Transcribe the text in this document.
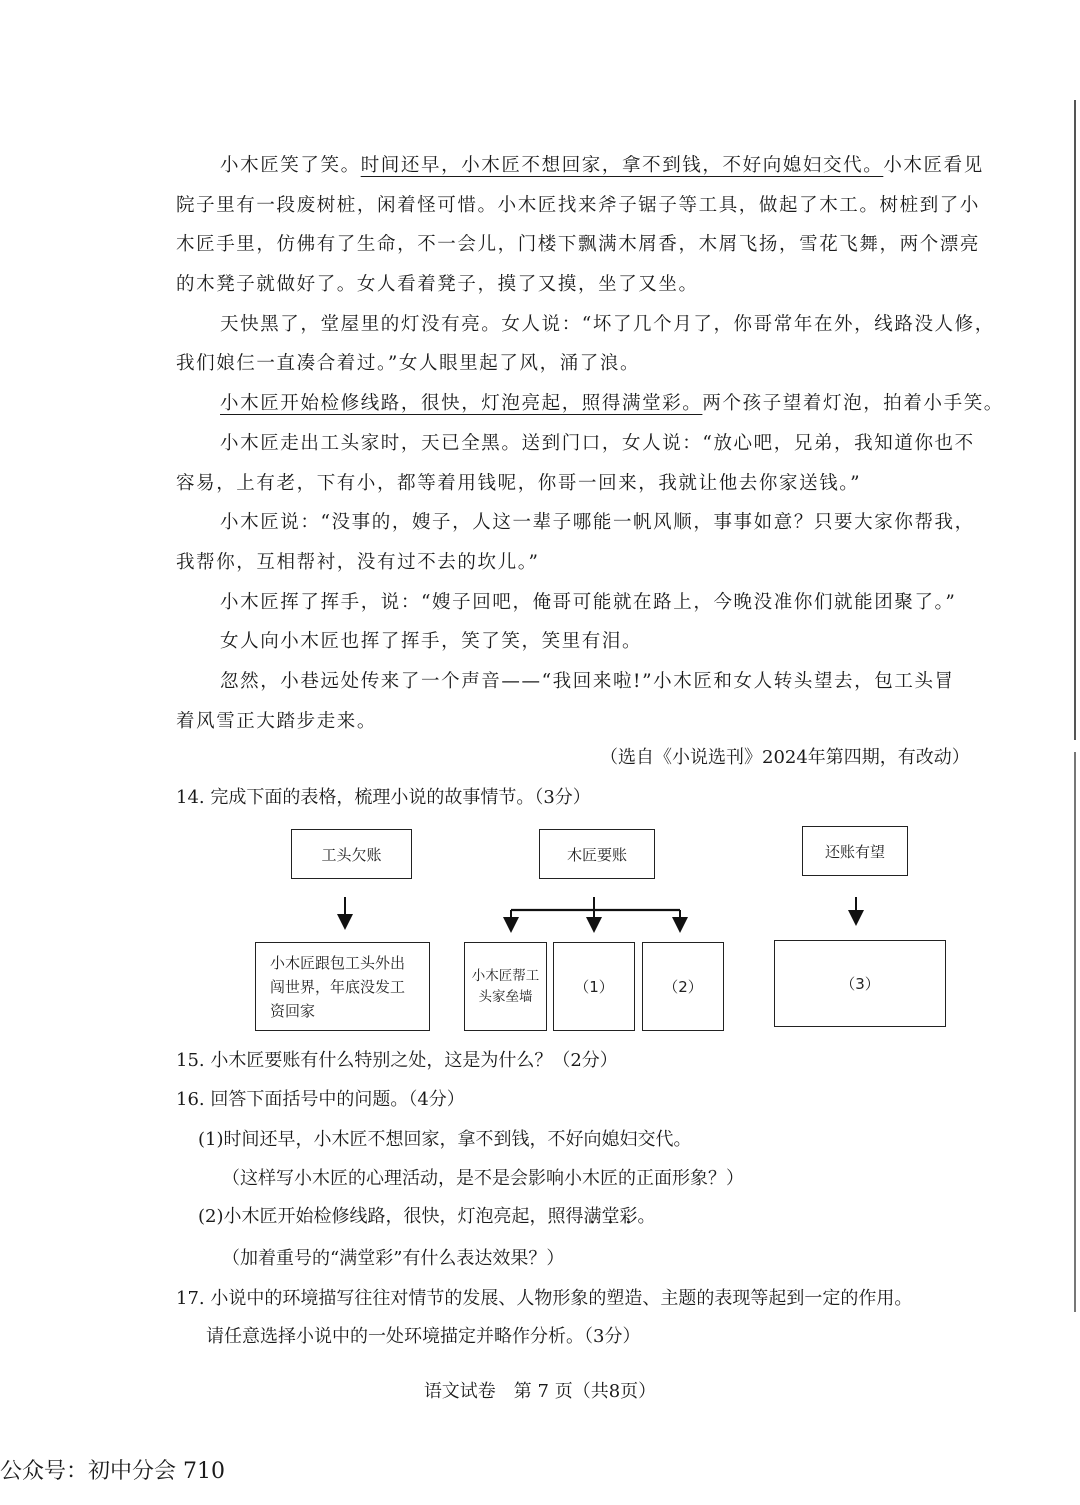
小木匠笑了笑。时间还早，小木匠不想回家，拿不到钱，不好向媳妇交代。小木匠看见
院子里有一段废树桩，闲着怪可惜。小木匠找来斧子锯子等工具，做起了木工。树桩到了小
木匠手里，仿佛有了生命，不一会儿，门楼下飘满木屑香，木屑飞扬，雪花飞舞，两个漂亮
的木凳子就做好了。女人看着凳子，摸了又摸，坐了又坐。
天快黑了，堂屋里的灯没有亮。女人说：“坏了几个月了，你哥常年在外，线路没人修，
我们娘仨一直凑合着过。”女人眼里起了风，涌了浪。
小木匠开始检修线路，很快，灯泡亮起，照得满堂彩。两个孩子望着灯泡，拍着小手笑。
小木匠走出工头家时，天已全黑。送到门口，女人说：“放心吧，兄弟，我知道你也不
容易，上有老，下有小，都等着用钱呢，你哥一回来，我就让他去你家送钱。”
小木匠说：“没事的，嫂子，人这一辈子哪能一帆风顺，事事如意？只要大家你帮我，
我帮你，互相帮衬，没有过不去的坎儿。”
小木匠挥了挥手，说：“嫂子回吧，俺哥可能就在路上，今晚没准你们就能团聚了。”
女人向小木匠也挥了挥手，笑了笑，笑里有泪。
忽然，小巷远处传来了一个声音——“我回来啦!”小木匠和女人转头望去，包工头冒
着风雪正大踏步走来。
（选自《小说选刊》2024年第四期，有改动）
14. 完成下面的表格，梳理小说的故事情节。（3分）
工头欠账	木匠要账	还账有望
小木匠跟包工头外出闯世界，年底没发工资回家
小木匠帮工头家垒墙
（1）	（2）	（3）
15. 小木匠要账有什么特别之处，这是为什么？（2分）
16. 回答下面括号中的问题。（4分）
(1)时间还早，小木匠不想回家，拿不到钱，不好向媳妇交代。
（这样写小木匠的心理活动，是不是会影响小木匠的正面形象？）
(2)小木匠开始检修线路，很快，灯泡亮起，照得满 •堂 •彩 •。
（加着重号的“满堂彩”有什么表达效果？）
17. 小说中的环境描写往往对情节的发展、人物形象的塑造、主题的表现等起到一定的作用。
请任意选择小说中的一处环境描定并略作分析。（3分）
语文试卷　第 7 页（共8页）
公众号：初中分会 710
